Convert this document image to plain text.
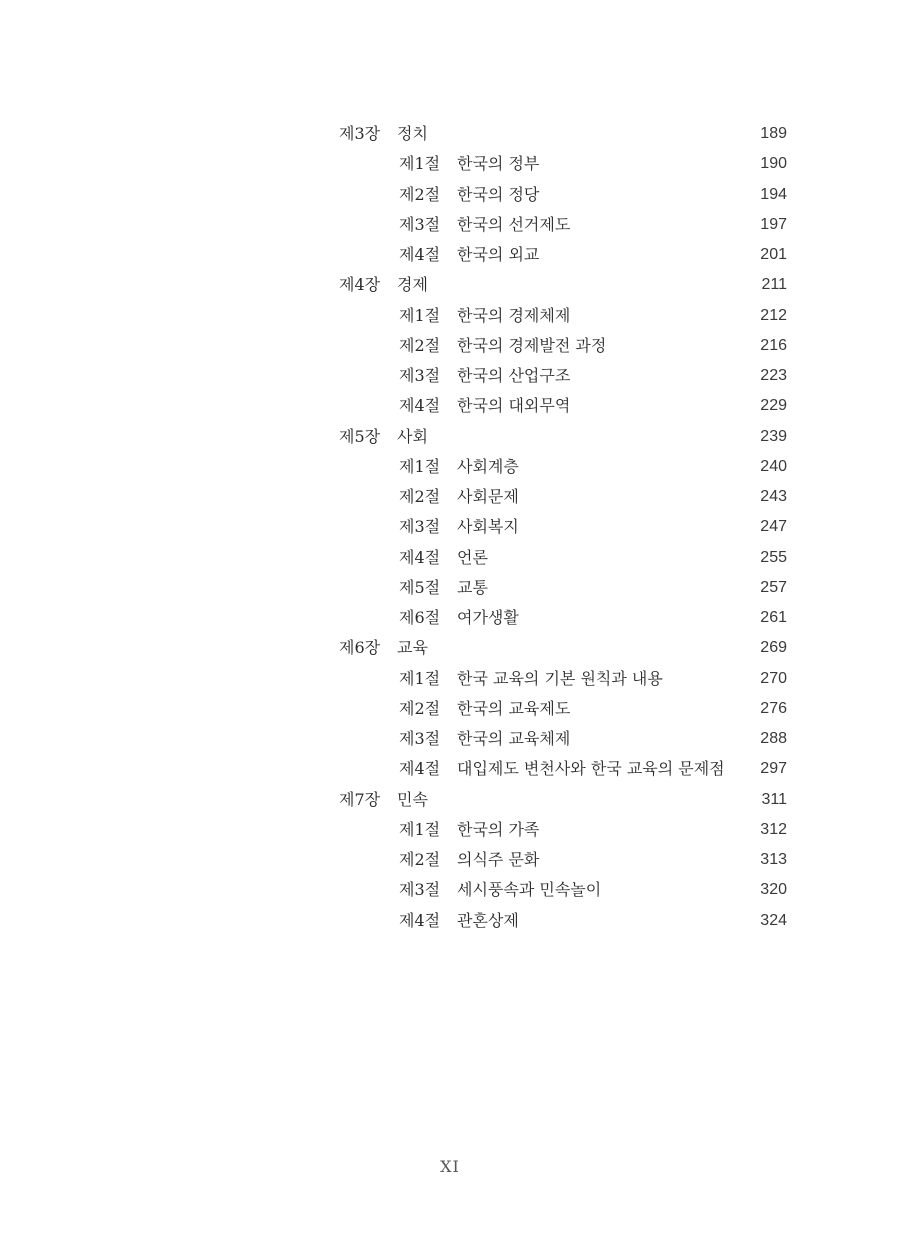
제3장 정치	189
제1절 한국의 정부	190
제2절 한국의 정당	194
제3절 한국의 선거제도	197
제4절 한국의 외교	201
제4장 경제	211
제1절 한국의 경제체제	212
제2절 한국의 경제발전 과정	216
제3절 한국의 산업구조	223
제4절 한국의 대외무역	229
제5장 사회	239
제1절 사회계층	240
제2절 사회문제	243
제3절 사회복지	247
제4절 언론	255
제5절 교통	257
제6절 여가생활	261
제6장 교육	269
제1절 한국 교육의 기본 원칙과 내용	270
제2절 한국의 교육제도	276
제3절 한국의 교육체제	288
제4절 대입제도 변천사와 한국 교육의 문제점 297
제7장 민속	311
제1절 한국의 가족	312
제2절 의식주 문화	313
제3절 세시풍속과 민속놀이	320
제4절 관혼상제	324
XI
